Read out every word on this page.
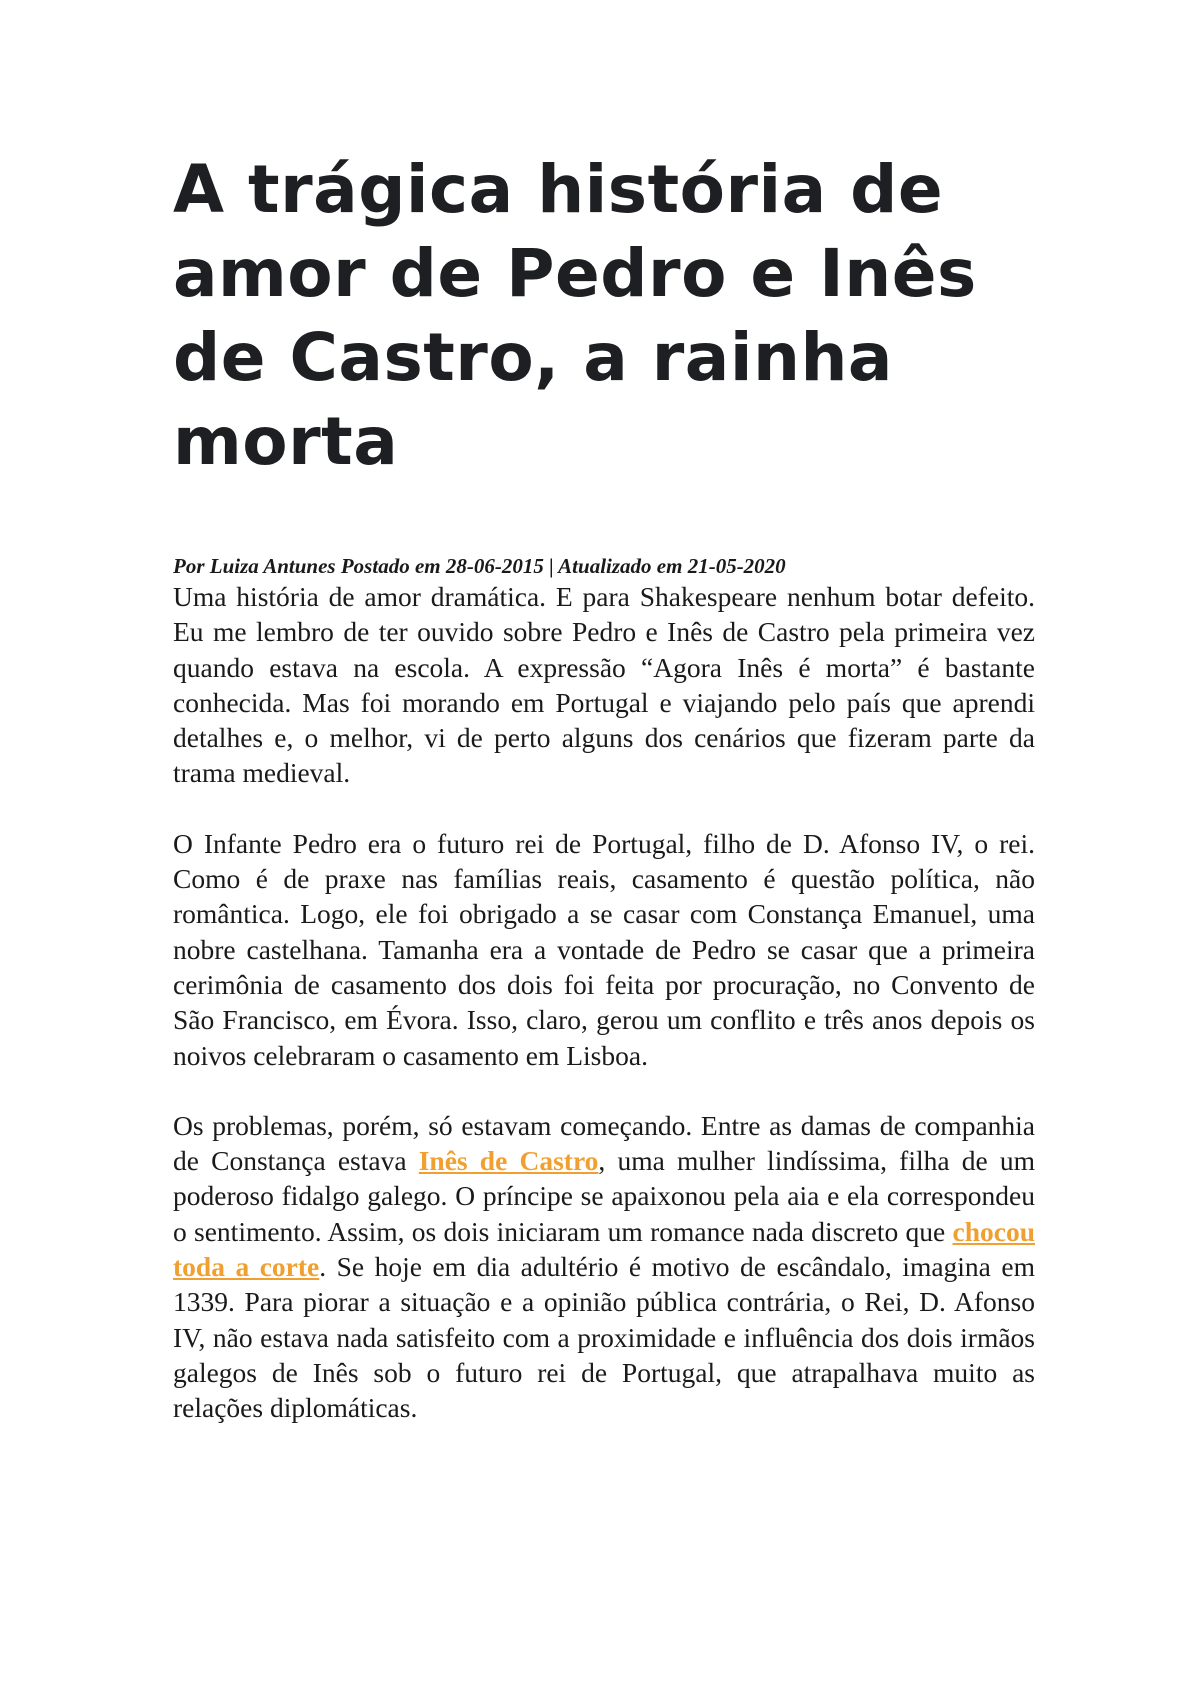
A trágica história de amor de Pedro e Inês de Castro, a rainha morta

Por Luiza Antunes Postado em 28-06-2015 | Atualizado em 21-05-2020

Uma história de amor dramática. E para Shakespeare nenhum botar defeito. Eu me lembro de ter ouvido sobre Pedro e Inês de Castro pela primeira vez quando estava na escola. A expressão “Agora Inês é morta” é bastante conhecida. Mas foi morando em Portugal e viajando pelo país que aprendi detalhes e, o melhor, vi de perto alguns dos cenários que fizeram parte da trama medieval.

O Infante Pedro era o futuro rei de Portugal, filho de D. Afonso IV, o rei. Como é de praxe nas famílias reais, casamento é questão política, não romântica. Logo, ele foi obrigado a se casar com Constança Emanuel, uma nobre castelhana. Tamanha era a vontade de Pedro se casar que a primeira cerimônia de casamento dos dois foi feita por procuração, no Convento de São Francisco, em Évora. Isso, claro, gerou um conflito e três anos depois os noivos celebraram o casamento em Lisboa.

Os problemas, porém, só estavam começando. Entre as damas de companhia de Constança estava Inês de Castro, uma mulher lindíssima, filha de um poderoso fidalgo galego. O príncipe se apaixonou pela aia e ela correspondeu o sentimento. Assim, os dois iniciaram um romance nada discreto que chocou toda a corte. Se hoje em dia adultério é motivo de escândalo, imagina em 1339. Para piorar a situação e a opinião pública contrária, o Rei, D. Afonso IV, não estava nada satisfeito com a proximidade e influência dos dois irmãos galegos de Inês sob o futuro rei de Portugal, que atrapalhava muito as relações diplomáticas.
